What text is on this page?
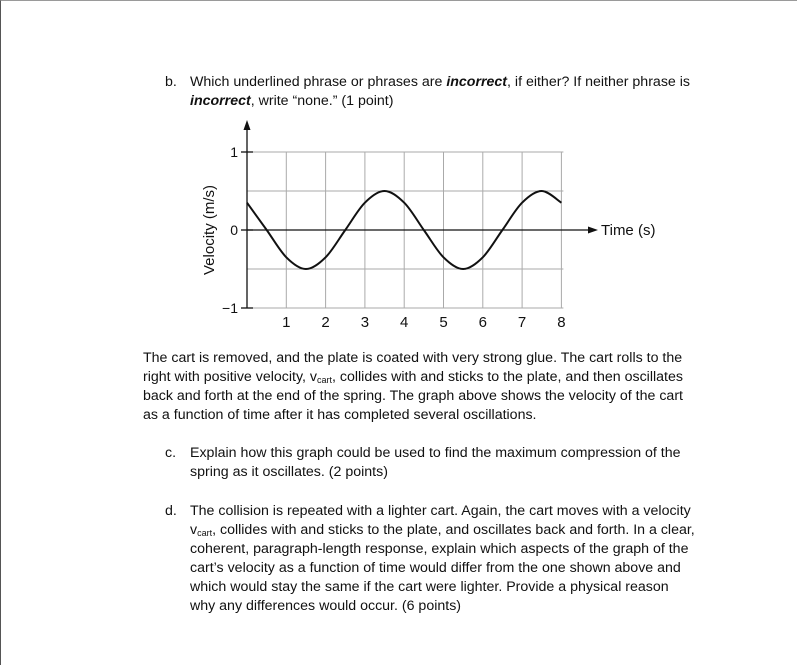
b. Which underlined phrase or phrases are incorrect, if either? If neither phrase is
incorrect, write “none.” (1 point)
1 2 3 4 5 6 7 8
1
0
−1
Velocity (m/s)	Time (s)
The cart is removed, and the plate is coated with very strong glue. The cart rolls to the
right with positive velocity, $v_{cart}$, collides with and sticks to the plate, and then oscillates
back and forth at the end of the spring. The graph above shows the velocity of the cart
as a function of time after it has completed several oscillations.
c. Explain how this graph could be used to find the maximum compression of the
spring as it oscillates. (2 points)
d. The collision is repeated with a lighter cart. Again, the cart moves with a velocity
$v_{cart}$, collides with and sticks to the plate, and oscillates back and forth. In a clear,
coherent, paragraph-length response, explain which aspects of the graph of the
cart’s velocity as a function of time would differ from the one shown above and
which would stay the same if the cart were lighter. Provide a physical reason
why any differences would occur. (6 points)
